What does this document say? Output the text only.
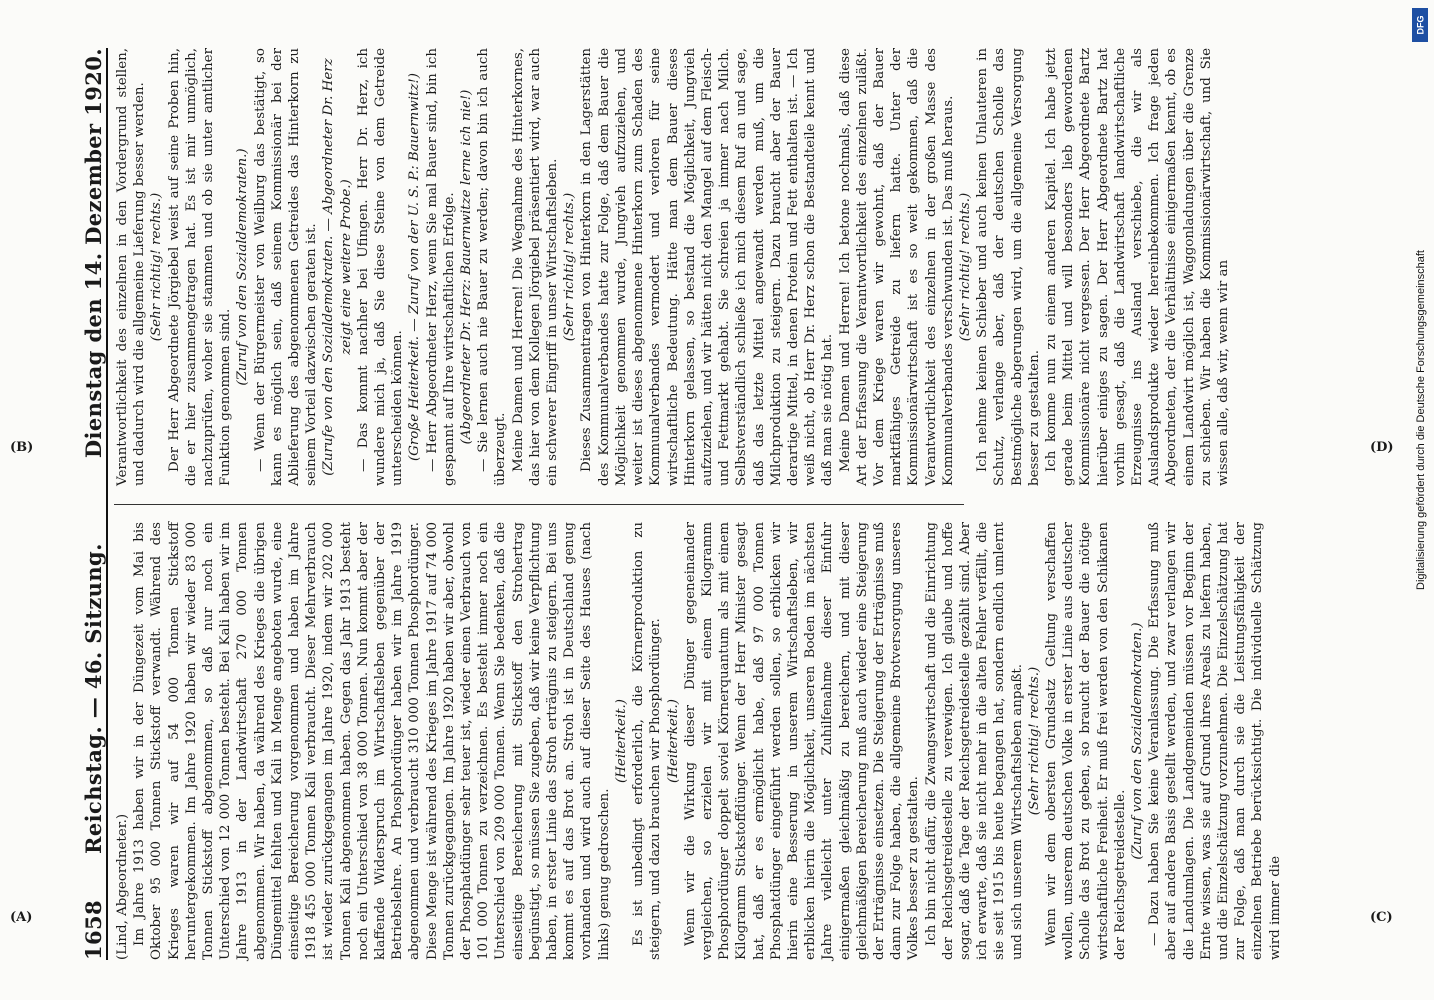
1658
Reichstag. — 46. Sitzung.
Dienstag den 14. Dezember 1920.

(Lind, Abgeordneter.) Im Jahre 1913 haben wir in der Düngezeit vom Mai bis Oktober 95 000 Tonnen Stickstoff verwandt. Während des Krieges waren wir auf 54 000 Tonnen Stickstoff heruntergekommen. Im Jahre 1920 haben wir wieder 83 000 Tonnen Stickstoff abgenommen, so daß nur noch ein Unterschied von 12 000 Tonnen besteht. Bei Kali haben wir im Jahre 1913 in der Landwirtschaft 270 000 Tonnen abgenommen. Wir haben, da während des Krieges die übrigen Düngemittel fehlten und Kali in Menge angeboten wurde, eine einseitige Bereicherung vorgenommen und haben im Jahre 1918 455 000 Tonnen Kali verbraucht. Dieser Mehrverbrauch ist wieder zurückgegangen im Jahre 1920, indem wir 202 000 Tonnen Kali abgenommen haben. Gegen das Jahr 1913 besteht noch ein Unterschied von 38 000 Tonnen. Nun kommt aber der klaffende Widerspruch im Wirtschaftsleben gegenüber der Betriebslehre. An Phosphordünger haben wir im Jahre 1919 abgenommen und verbraucht 310 000 Tonnen Phosphordünger. Diese Menge ist während des Krieges im Jahre 1917 auf 74 000 Tonnen zurückgegangen. Im Jahre 1920 haben wir aber, obwohl der Phosphatdünger sehr teuer ist, wieder einen Verbrauch von 101 000 Tonnen zu verzeichnen. Es besteht immer noch ein Unterschied von 209 000 Tonnen. Wenn Sie bedenken, daß die einseitige Bereicherung mit Stickstoff den Strohertrag begünstigt, so müssen Sie zugeben, daß wir keine Verpflichtung haben, in erster Linie das Stroh erträgnis zu steigern. Bei uns kommt es auf das Brot an. Stroh ist in Deutschland genug vorhanden und wird auch auf dieser Seite des Hauses (nach links) genug gedroschen.

(Heiterkeit.) Es ist unbedingt erforderlich, die Körnerproduktion zu steigern, und dazu brauchen wir Phosphordünger. (Heiterkeit.) Wenn wir die Wirkung dieser Dünger gegeneinander vergleichen, so erzielen wir mit einem Kilogramm Phosphordünger doppelt soviel Körnerquantum als mit einem Kilogramm Stickstoffdünger. Wenn der Herr Minister gesagt hat, daß er es ermöglicht habe, daß 97 000 Tonnen Phosphatdünger eingeführt werden sollen, so erblicken wir hierin eine Besserung in unserem Wirtschaftsleben, wir erblicken hierin die Möglichkeit, unseren Boden im nächsten Jahre vielleicht unter Zuhilfenahme dieser Einfuhr einigermaßen gleichmäßig zu bereichern, und mit dieser gleichmäßigen Bereicherung muß auch wieder eine Steigerung der Erträgnisse einsetzen. Die Steigerung der Erträgnisse muß dann zur Folge haben, die allgemeine Brotversorgung unseres Volkes besser zu gestalten. Ich bin nicht dafür, die Zwangswirtschaft und die Einrichtung der Reichsgetreidestelle zu verewigen. Ich glaube und hoffe sogar, daß die Tage der Reichsgetreidestelle gezählt sind. Aber ich erwarte, daß sie nicht mehr in die alten Fehler verfällt, die sie seit 1915 bis heute begangen hat, sondern endlich umlernt und sich unserem Wirtschaftsleben anpaßt. (Sehr richtig! rechts.) Wenn wir dem obersten Grundsatz Geltung verschaffen wollen, unserem deutschen Volke in erster Linie aus deutscher Scholle das Brot zu geben, so braucht der Bauer die nötige wirtschaftliche Freiheit. Er muß frei werden von den Schikanen der Reichsgetreidestelle.

(Zuruf von den Sozialdemokraten.) — Dazu haben Sie keine Veranlassung. Die Erfassung muß aber auf andere Basis gestellt werden, und zwar verlangen wir die Landumlagen. Die Landgemeinden müssen vor Beginn der Ernte wissen, was sie auf Grund ihres Areals zu liefern haben, und die Einzelschätzung vorzunehmen. Die Einzelschätzung hat zur Folge, daß man durch sie die Leistungsfähigkeit der einzelnen Betriebe berücksichtigt. Die individuelle Schätzung wird immer die

Verantwortlichkeit des einzelnen in den Vordergrund stellen, und dadurch wird die allgemeine Lieferung besser werden. (Sehr richtig! rechts.) Der Herr Abgeordnete Jörgiebel weist auf seine Proben hin, die er hier zusammengetragen hat. Es ist mir unmöglich, nachzuprüfen, woher sie stammen und ob sie unter amtlicher Funktion genommen sind.

(Zuruf von den Sozialdemokraten.) — Wenn der Bürgermeister von Weilburg das bestätigt, so kann es möglich sein, daß seinem Kommissionär bei der Ablieferung des abgenommenen Getreides das Hinterkorn zu seinem Vorteil dazwischen geraten ist. (Zurufe von den Sozialdemokraten. — Abgeordneter Dr. Herz zeigt eine weitere Probe.) — Das kommt nachher bei Ufingen. Herr Dr. Herz, ich wundere mich ja, daß Sie diese Steine von dem Getreide unterscheiden können. (Große Heiterkeit. — Zuruf von der U. S. P.: Bauernwitz!) — Herr Abgeordneter Herz, wenn Sie mal Bauer sind, bin ich gespannt auf Ihre wirtschaftlichen Erfolge. (Abgeordneter Dr. Herz: Bauernwitze lerne ich nie!) — Sie lernen auch nie Bauer zu werden; davon bin ich auch überzeugt. Meine Damen und Herren! Die Wegnahme des Hinterkornes, das hier von dem Kollegen Jörgiebel präsentiert wird, war auch ein schwerer Eingriff in unser Wirtschaftsleben. (Sehr richtig! rechts.) Dieses Zusammentragen von Hinterkorn in den Lagerstätten des Kommunalverbandes hatte zur Folge, daß dem Bauer die Möglichkeit genommen wurde, Jungvieh aufzuziehen, und weiter ist dieses abgenommene Hinterkorn zum Schaden des Kommunalverbandes vermodert und verloren für seine wirtschaftliche Bedeutung. Hätte man dem Bauer dieses Hinterkorn gelassen, so bestand die Möglichkeit, Jungvieh aufzuziehen, und wir hätten nicht den Mangel auf dem Fleisch- und Fettmarkt gehabt. Sie schreien ja immer nach Milch. Selbstverständlich schließe ich mich diesem Ruf an und sage, daß das letzte Mittel angewandt werden muß, um die Milchproduktion zu steigern. Dazu braucht aber der Bauer derartige Mittel, in denen Protein und Fett enthalten ist. — Ich weiß nicht, ob Herr Dr. Herz schon die Bestandteile kennt und daß man sie nötig hat. Meine Damen und Herren! Ich betone nochmals, daß diese Art der Erfassung die Verantwortlichkeit des einzelnen zuläßt. Vor dem Kriege waren wir gewohnt, daß der Bauer marktfähiges Getreide zu liefern hatte. Unter der Kommissionärwirtschaft ist es so weit gekommen, daß die Verantwortlichkeit des einzelnen in der großen Masse des Kommunalverbandes verschwunden ist. Das muß heraus. (Sehr richtig! rechts.) Ich nehme keinen Schieber und auch keinen Unlauteren in Schutz, verlange aber, daß der deutschen Scholle das Bestmögliche abgerungen wird, um die allgemeine Versorgung besser zu gestalten. Ich komme nun zu einem anderen Kapitel. Ich habe jetzt gerade beim Mittel und will besonders lieb gewordenen Kommissionäre nicht vergessen. Der Herr Abgeordnete Bartz hierüber einiges zu sagen. Der Herr Abgeordnete Bartz hat vorhin gesagt, daß die Landwirtschaft landwirtschaftliche Erzeugnisse ins Ausland verschiebe, die wir als Auslandsprodukte wieder hereinbekommen. Ich frage jeden Abgeordneten, der die Verhältnisse einigermaßen kennt, ob es einem Landwirt möglich ist, Waggonladungen über die Grenze zu schieben. Wir haben die Kommissionärwirtschaft, und Sie wissen alle, daß wir, wenn wir an

(A)
(B)
(C)
(D)
DFG
Digitalisierung gefördert durch die Deutsche Forschungsgemeinschaft
